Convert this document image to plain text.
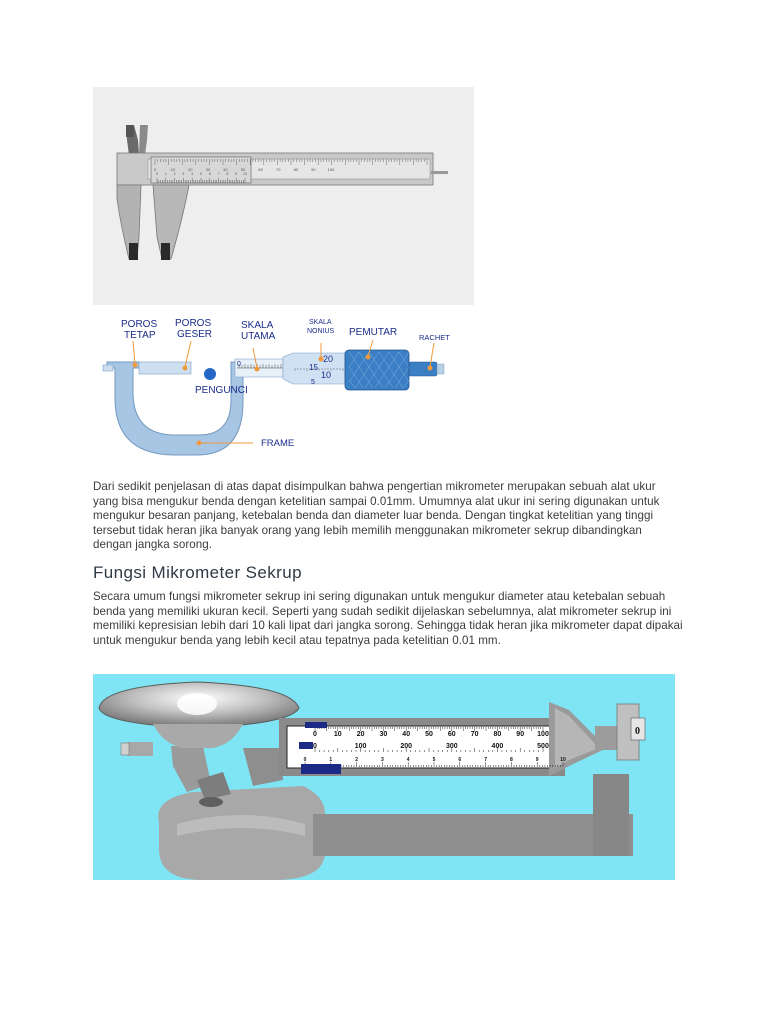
0	10	20	30	40	50	60	70	80	90	100
0 1 2 3 4 5 6 7 8 9 10
POROS
TETAP
POROS
GESER
SKALA
UTAMA
SKALA
NONIUS PEMUTAR	RACHET
PENGUNCI
FRAME
0
20
15
10
5

Dari sedikit penjelasan di atas dapat disimpulkan bahwa pengertian mikrometer merupakan sebuah alat ukur yang bisa mengukur benda dengan ketelitian sampai 0.01mm. Umumnya alat ukur ini sering digunakan untuk mengukur besaran panjang, ketebalan benda dan diameter luar benda. Dengan tingkat ketelitian yang tinggi tersebut tidak heran jika banyak orang yang lebih memilih menggunakan mikrometer sekrup dibandingkan dengan jangka sorong.

Fungsi Mikrometer Sekrup

Secara umum fungsi mikrometer sekrup ini sering digunakan untuk mengukur diameter atau ketebalan sebuah benda yang memiliki ukuran kecil. Seperti yang sudah sedikit dijelaskan sebelumnya, alat mikrometer sekrup ini memiliki kepresisian lebih dari 10 kali lipat dari jangka sorong. Sehingga tidak heran jika mikrometer dapat dipakai untuk mengukur benda yang lebih kecil atau tepatnya pada ketelitian 0.01 mm.

0
0 10 20 30 40 50 60 70 80 90 100
0	100	200	300	400	500
0	1	2	3	4	5	6	7	8	9	10
